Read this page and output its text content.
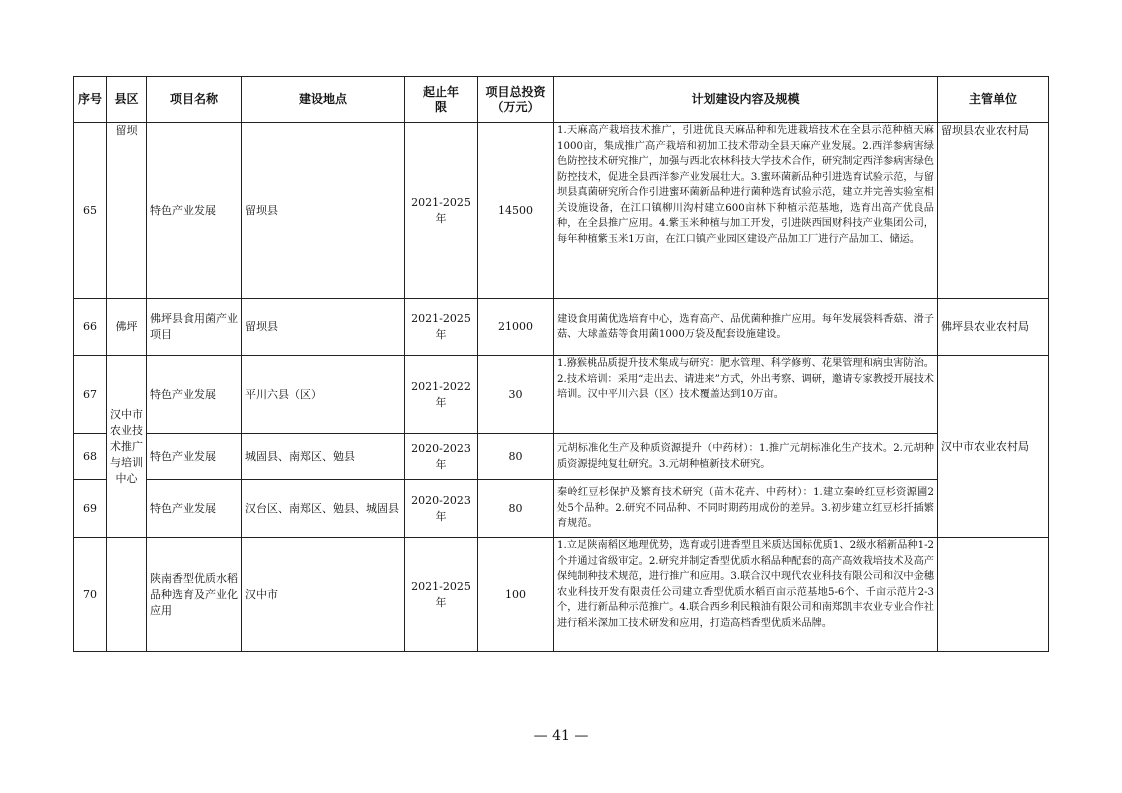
序号	县区	项目名称	建设地点	起止年限	项目总投资（万元）	计划建设内容及规模	主管单位
65	留坝	特色产业发展	留坝县	2021-2025年	14500	1.天麻高产栽培技术推广，引进优良天麻品种和先进栽培技术在全县示范种植天麻1000亩，集成推广高产栽培和初加工技术带动全县天麻产业发展。2.西洋参病害绿色防控技术研究推广，加强与西北农林科技大学技术合作，研究制定西洋参病害绿色防控技术，促进全县西洋参产业发展壮大。3.蜜环菌新品种引进选育试验示范，与留坝县真菌研究所合作引进蜜环菌新品种进行菌种选育试验示范，建立并完善实验室相关设施设备，在江口镇柳川沟村建立600亩林下种植示范基地，选育出高产优良品种，在全县推广应用。4.紫玉米种植与加工开发，引进陕西国财科技产业集团公司，每年种植紫玉米1万亩，在江口镇产业园区建设产品加工厂进行产品加工、储运。	留坝县农业农村局
66	佛坪	佛坪县食用菌产业项目	留坝县	2021-2025年	21000	建设食用菌优选培育中心，选育高产、品优菌种推广应用。每年发展袋料香菇、滑子菇、大球盖菇等食用菌1000万袋及配套设施建设。	佛坪县农业农村局
67	汉中市农业技术推广与培训中心	特色产业发展	平川六县（区）	2021-2022年	30	1.猕猴桃品质提升技术集成与研究：肥水管理、科学修剪、花果管理和病虫害防治。2.技术培训：采用“走出去、请进来”方式，外出考察、调研，邀请专家教授开展技术培训。汉中平川六县（区）技术覆盖达到10万亩。	汉中市农业农村局
68		特色产业发展	城固县、南郑区、勉县	2020-2023年	80	元胡标准化生产及种质资源提升（中药材）：1.推广元胡标准化生产技术。2.元胡种质资源提纯复壮研究。3.元胡种植新技术研究。	
69		特色产业发展	汉台区、南郑区、勉县、城固县	2020-2023年	80	秦岭红豆杉保护及繁育技术研究（苗木花卉、中药材）：1.建立秦岭红豆杉资源圃2处5个品种。2.研究不同品种、不同时期药用成份的差异。3.初步建立红豆杉扦插繁育规范。	
70		陕南香型优质水稻品种选育及产业化应用	汉中市	2021-2025年	100	1.立足陕南稻区地理优势，选育或引进香型且米质达国标优质1、2级水稻新品种1-2个并通过省级审定。2.研究并制定香型优质水稻品种配套的高产高效栽培技术及高产保纯制种技术规范，进行推广和应用。3.联合汉中现代农业科技有限公司和汉中金穗农业科技开发有限责任公司建立香型优质水稻百亩示范基地5-6个、千亩示范片2-3个，进行新品种示范推广。4.联合西乡利民粮油有限公司和南郑凯丰农业专业合作社进行稻米深加工技术研发和应用，打造高档香型优质米品牌。	
— 41 —
